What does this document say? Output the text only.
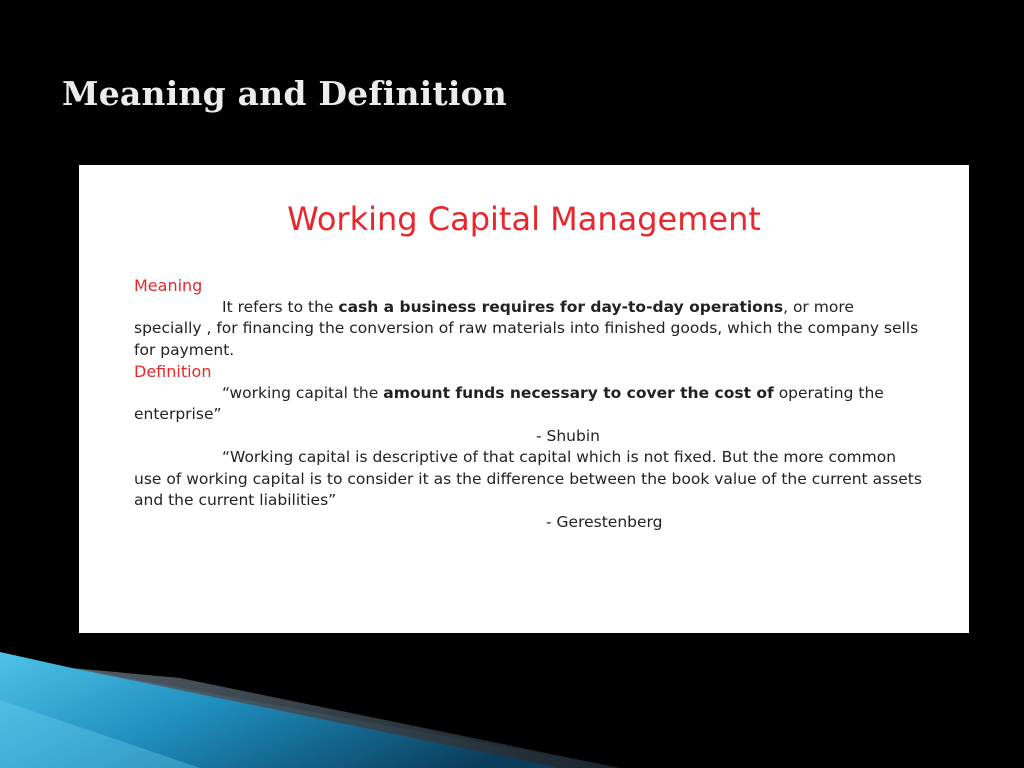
Meaning and Definition
Working Capital Management
Meaning

It refers to the cash a business requires for day-to-day operations, or more specially , for financing the conversion of raw materials into finished goods, which the company sells for payment.

Definition

“working capital the amount funds necessary to cover the cost of operating the enterprise”

- Shubin

“Working capital is descriptive of that capital which is not fixed. But the more common use of working capital is to consider it as the difference between the book value of the current assets and the current liabilities”

- Gerestenberg
